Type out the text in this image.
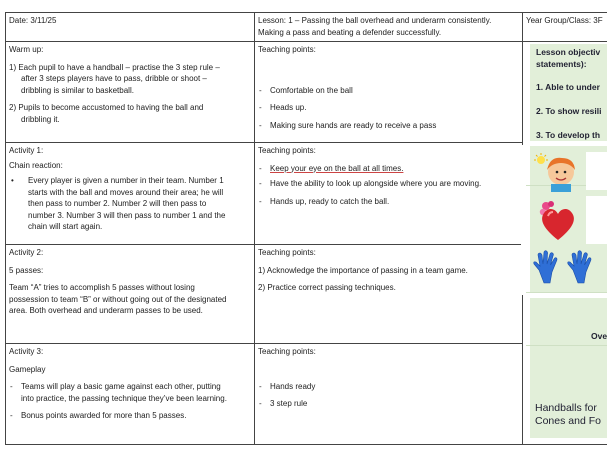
Date: 3/11/25	Lesson: 1 – Passing the ball overhead and underarm consistently.
Making a pass and beating a defender successfully.
Year Group/Class: 3F
Warm up:
1) Each pupil to have a handball – practise the 3 step rule –
after 3 steps players have to pass, dribble or shoot –
dribbling is similar to basketball.
2) Pupils to become accustomed to having the ball and
dribbling it.
Teaching points:
- Comfortable on the ball
- Heads up.
- Making sure hands are ready to receive a pass
Activity 1:
Chain reaction:
• Every player is given a number in their team. Number 1
starts with the ball and moves around their area; he will
then pass to number 2. Number 2 will then pass to
number 3. Number 3 will then pass to number 1 and the
chain will start again.
Teaching points:
- Keep your eye on the ball at all times.
- Have the ability to look up alongside where you are moving.
- Hands up, ready to catch the ball.
Activity 2:
5 passes:
Team “A” tries to accomplish 5 passes without losing
possession to team “B” or without going out of the designated
area. Both overhead and underarm passes to be used.
Teaching points:
1) Acknowledge the importance of passing in a team game.
2) Practice correct passing techniques.
Activity 3:
Gameplay
- Teams will play a basic game against each other, putting
into practice, the passing technique they’ve been learning.
- Bonus points awarded for more than 5 passes.
Teaching points:
- Hands ready
- 3 step rule
Lesson objectiv
statements):
1. Able to under
2. To show resili
3. To develop th
Ove
Handballs for
Cones and Fo
